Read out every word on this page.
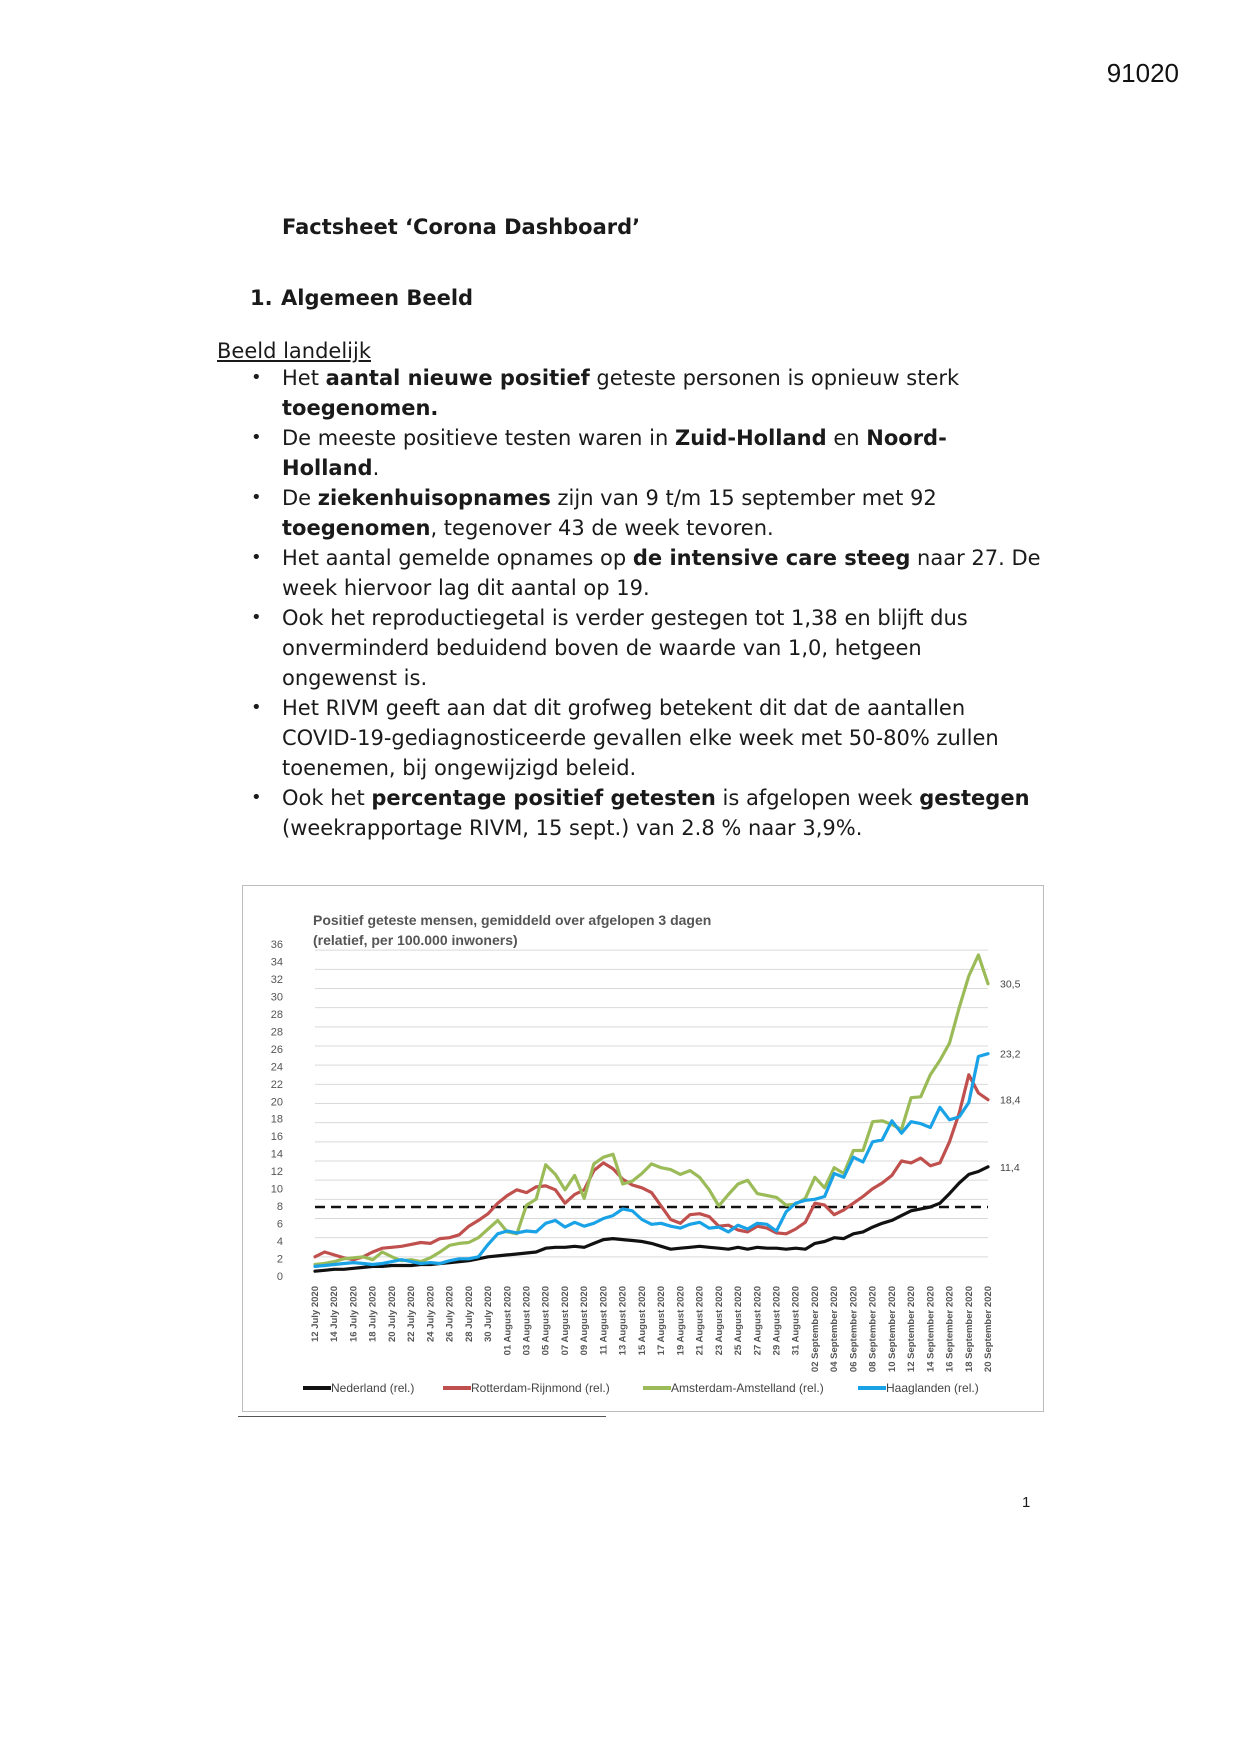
91020
Factsheet ‘Corona Dashboard’
1. Algemeen Beeld
Beeld landelijk
• Het aantal nieuwe positief geteste personen is opnieuw sterk toegenomen.
• De meeste positieve testen waren in Zuid-Holland en Noord-Holland.
• De ziekenhuisopnames zijn van 9 t/m 15 september met 92 toegenomen, tegenover 43 de week tevoren.
• Het aantal gemelde opnames op de intensive care steeg naar 27. De week hiervoor lag dit aantal op 19.
• Ook het reproductiegetal is verder gestegen tot 1,38 en blijft dus onverminderd beduidend boven de waarde van 1,0, hetgeen ongewenst is.
• Het RIVM geeft aan dat dit grofweg betekent dit dat de aantallen COVID-19-gediagnosticeerde gevallen elke week met 50-80% zullen toenemen, bij ongewijzigd beleid.
• Ook het percentage positief getesten is afgelopen week gestegen (weekrapportage RIVM, 15 sept.) van 2.8 % naar 3,9%.
0
2
4
6
8
10
12
14
16
18
20
22
24
26
28
28
30
32
34
36
12 July 2020 14 July 2020 16 July 2020 18 July 2020 20 July 2020 22 July 2020 24 July 2020 26 July 2020 28 July 2020 30 July 2020 01 August 2020 03 August 2020 05 August 2020 07 August 2020 09 August 2020 11 August 2020 13 August 2020 15 August 2020 17 August 2020 19 August 2020 21 August 2020 23 August 2020 25 August 2020 27 August 2020 29 August 2020 31 August 2020 02 September 2020 04 September 2020 06 September 2020 08 September 2020 10 September 2020 12 September 2020 14 September 2020 16 September 2020 18 September 2020 20 September 2020
11,4
18,4
30,5
23,2
Positief geteste mensen, gemiddeld over afgelopen 3 dagen
(relatief, per 100.000 inwoners)
Nederland (rel.)	Rotterdam-Rijnmond (rel.)	Amsterdam-Amstelland (rel.)	Haaglanden (rel.)
1
